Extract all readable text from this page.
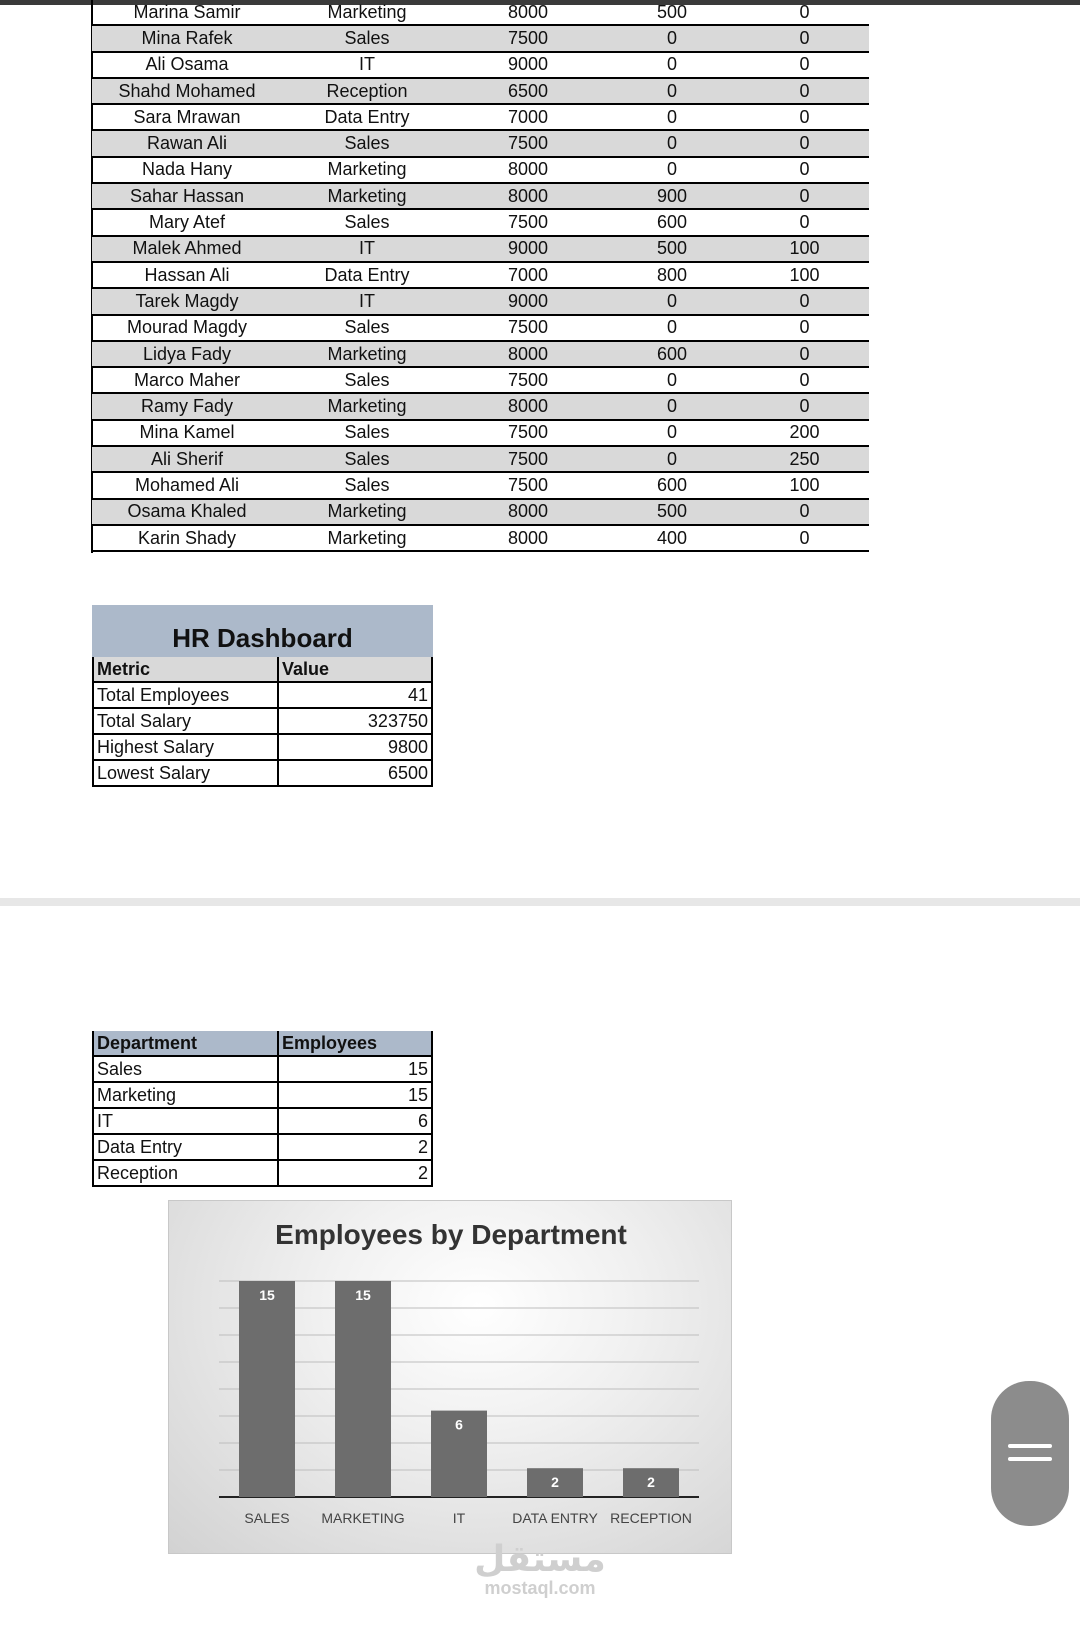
Marina Samir	Marketing	8000	500	0
Mina Rafek	Sales	7500	0	0
Ali Osama	IT	9000	0	0
Shahd Mohamed	Reception	6500	0	0
Sara Mrawan	Data Entry	7000	0	0
Rawan Ali	Sales	7500	0	0
Nada Hany	Marketing	8000	0	0
Sahar Hassan	Marketing	8000	900	0
Mary Atef	Sales	7500	600	0
Malek Ahmed	IT	9000	500	100
Hassan Ali	Data Entry	7000	800	100
Tarek Magdy	IT	9000	0	0
Mourad Magdy	Sales	7500	0	0
Lidya Fady	Marketing	8000	600	0
Marco Maher	Sales	7500	0	0
Ramy Fady	Marketing	8000	0	0
Mina Kamel	Sales	7500	0	200
Ali Sherif	Sales	7500	0	250
Mohamed Ali	Sales	7500	600	100
Osama Khaled	Marketing	8000	500	0
Karin Shady	Marketing	8000	400	0
HR Dashboard
Metric	Value
Total Employees	41
Total Salary	323750
Highest Salary	9800
Lowest Salary	6500
Department	Employees
Sales	15
Marketing	15
IT	6
Data Entry	2
Reception	2
Employees by Department
15
SALES
15
MARKETING
6
IT
2
DATA ENTRY
2
RECEPTION
مستقل
mostaql.com
